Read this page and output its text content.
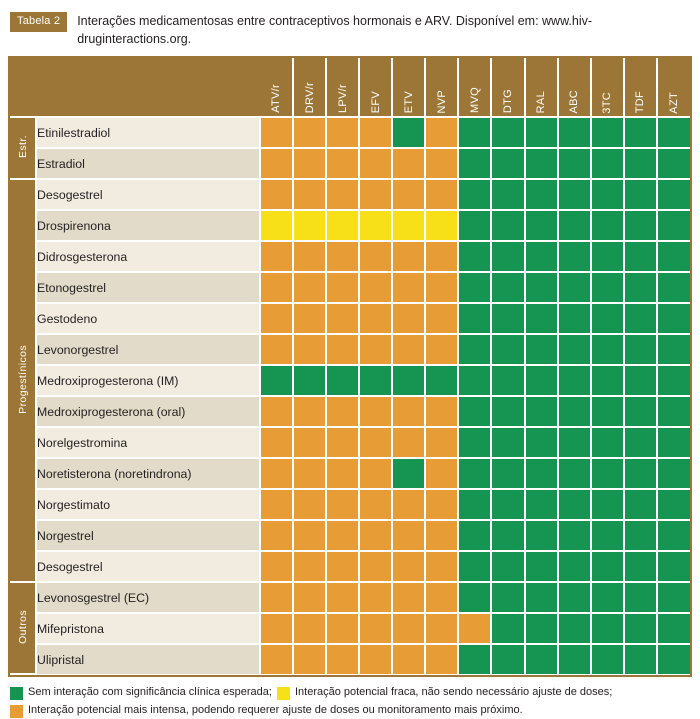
Tabela 2	Interações medicamentosas entre contraceptivos hormonais e ARV. Disponível em: www.hiv-druginteractions.org.
		ATV/r	DRV/r	LPV/r	EFV	ETV	NVP	MVQ	DTG	RAL	ABC	3TC	TDF	AZT
Estr.	Etinilestradiol													
	Estradiol													
Progestínicos	Desogestrel													
	Drospirenona													
	Didrosgesterona													
	Etonogestrel													
	Gestodeno													
	Levonorgestrel													
	Medroxiprogesterona (IM)													
	Medroxiprogesterona (oral)													
	Norelgestromina													
	Noretisterona (noretindrona)													
	Norgestimato													
	Norgestrel													
	Desogestrel													
Outros	Levonosgestrel (EC)													
	Mifepristona													
	Ulipristal													
Sem interação com significância clínica esperada; Interação potencial fraca, não sendo necessário ajuste de doses;
Interação potencial mais intensa, podendo requerer ajuste de doses ou monitoramento mais próximo.
